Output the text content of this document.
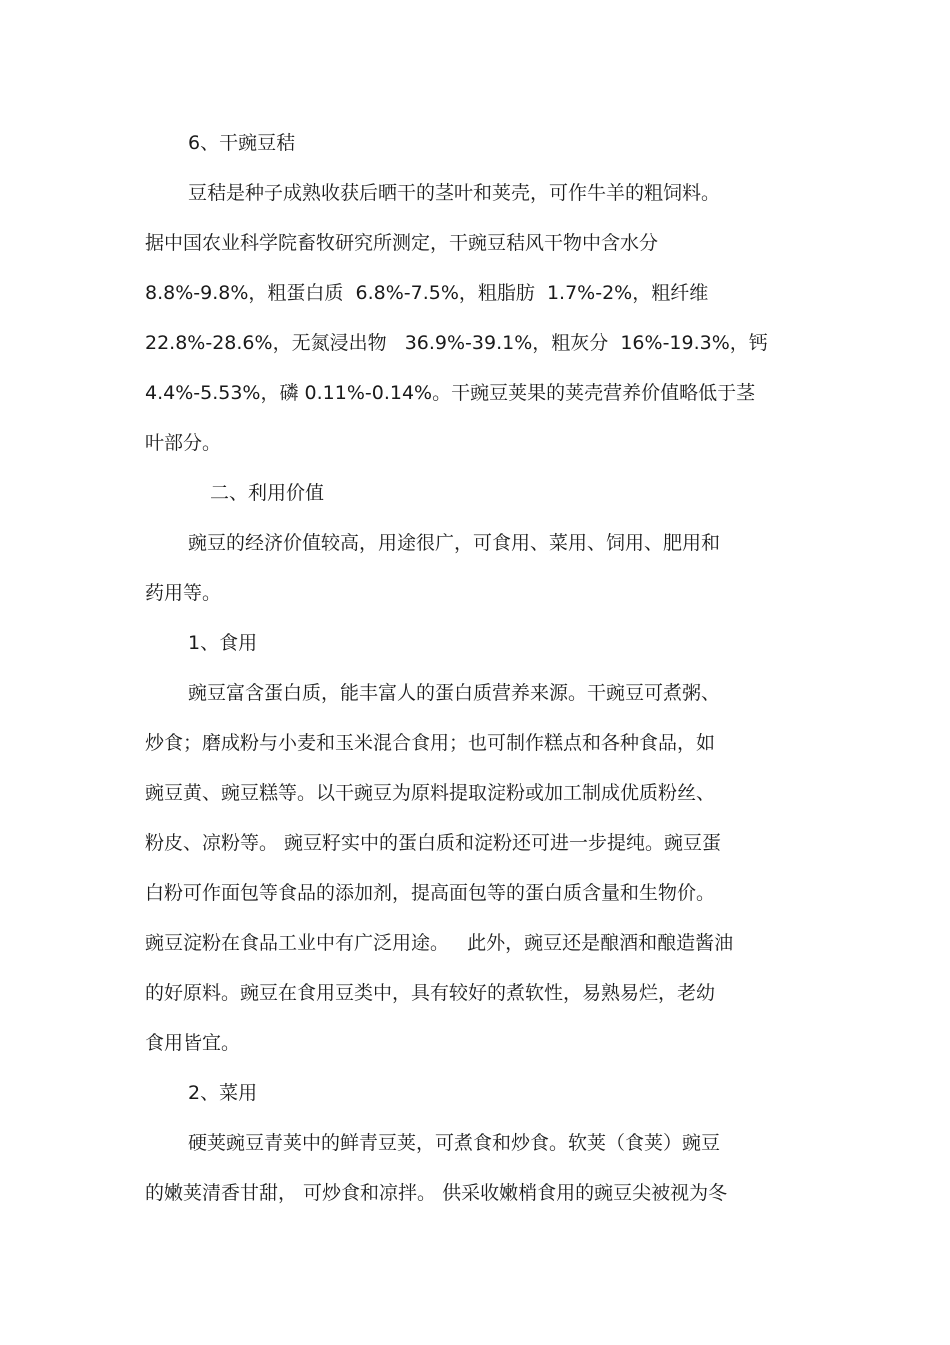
6、干豌豆秸
豆秸是种子成熟收获后晒干的茎叶和荚壳，可作牛羊的粗饲料。
据中国农业科学院畜牧研究所测定，干豌豆秸风干物中含水分
8.8%-9.8%，粗蛋白质  6.8%-7.5%，粗脂肪  1.7%-2%，粗纤维
22.8%-28.6%，无氮浸出物   36.9%-39.1%，粗灰分  16%-19.3%，钙
4.4%-5.53%，磷 0.11%-0.14%。干豌豆荚果的荚壳营养价值略低于茎
叶部分。
二、利用价值
豌豆的经济价值较高，用途很广，可食用、菜用、饲用、肥用和
药用等。
1、食用
豌豆富含蛋白质，能丰富人的蛋白质营养来源。干豌豆可煮粥、
炒食；磨成粉与小麦和玉米混合食用；也可制作糕点和各种食品，如
豌豆黄、豌豆糕等。以干豌豆为原料提取淀粉或加工制成优质粉丝、
粉皮、凉粉等。 豌豆籽实中的蛋白质和淀粉还可进一步提纯。豌豆蛋
白粉可作面包等食品的添加剂，提高面包等的蛋白质含量和生物价。
豌豆淀粉在食品工业中有广泛用途。   此外，豌豆还是酿酒和酿造酱油
的好原料。豌豆在食用豆类中，具有较好的煮软性，易熟易烂，老幼
食用皆宜。
2、菜用
硬荚豌豆青荚中的鲜青豆荚，可煮食和炒食。软荚（食荚）豌豆
的嫩荚清香甘甜， 可炒食和凉拌。 供采收嫩梢食用的豌豆尖被视为冬
